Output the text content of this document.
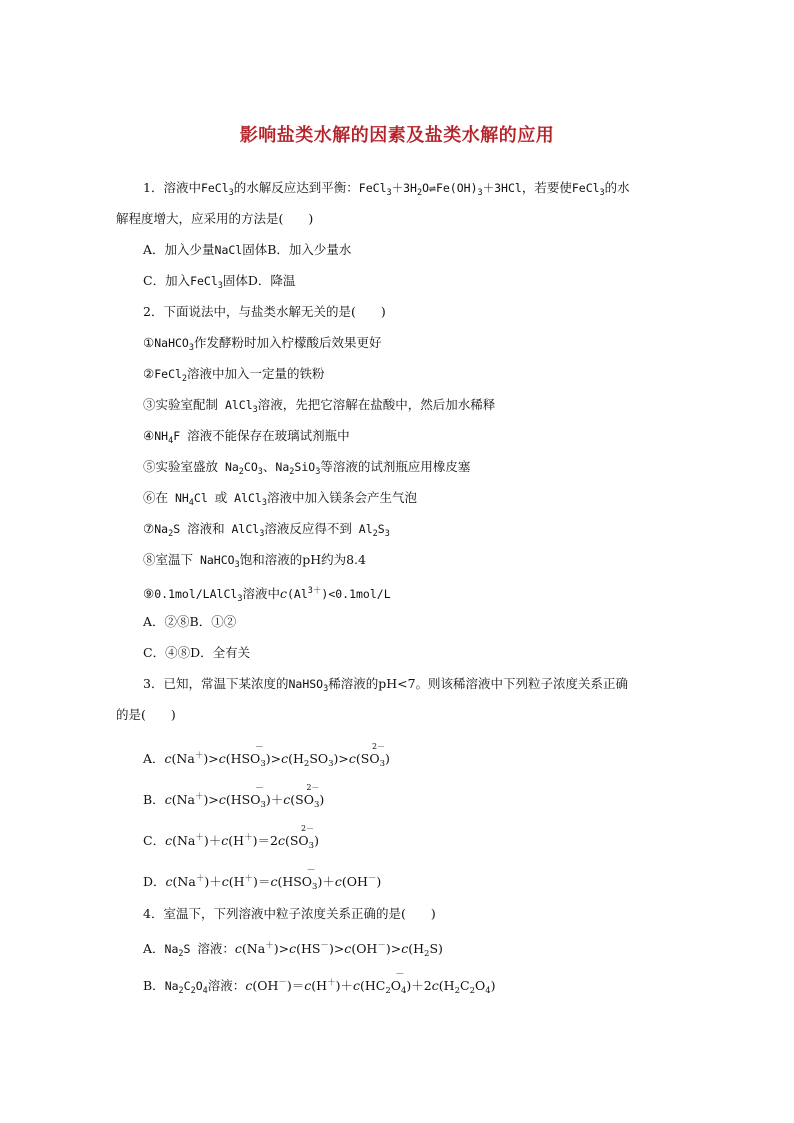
影响盐类水解的因素及盐类水解的应用
1．溶液中FeCl$_3$的水解反应达到平衡：$FeCl_3+3H_2O\rightleftharpoons Fe(OH)_3+3HCl$，若要使FeCl$_3$的水
解程度增大，应采用的方法是(　　)
A．加入少量NaCl固体B．加入少量水
C．加入FeCl$_3$固体D．降温
2．下面说法中，与盐类水解无关的是(　　)
①NaHCO$_3$作发酵粉时加入柠檬酸后效果更好
②FeCl$_2$溶液中加入一定量的铁粉
③实验室配制 AlCl$_3$溶液，先把它溶解在盐酸中，然后加水稀释
$④NH_4F$ 溶液不能保存在玻璃试剂瓶中
⑤实验室盛放 $Na_2CO_3$、$Na_2SiO_3$等溶液的试剂瓶应用橡皮塞
⑥在 $NH_4Cl$ 或 AlCl$_3$溶液中加入镁条会产生气泡
$⑦Na_2S$ 溶液和 AlCl$_3$溶液反应得不到 $Al_2S_3$
⑧室温下 NaHCO$_3$饱和溶液的pH约为8.4
⑨0.1mol/LAlCl$_3$溶液中$c(Al^{3+})<0.1mol/L$
A．②⑧B．①②
C．④⑧D．全有关
3．已知，常温下某浓度的NaHSO$_3$稀溶液的pH<7。则该稀溶液中下列粒子浓度关系正确
的是(　　)
A．$c(Na^+)>c(HSO_3$
－
)$>c(H_2SO_3)>c(SO_3$
2－
)
B．$c(Na^+)>c(HSO_3$
－
)$+c(SO_3$
2－
)
C．$c(Na^+)+c(H^+)=2c(SO_3$
2－
)
D．$c(Na^+)+c(H^+)=c(HSO_3$
－
)＋c(OH－)
4．室温下，下列溶液中粒子浓度关系正确的是(　　)
A．$Na_2S$ 溶液：$c(Na^+)>c(HS^-)>c(OH^-)>c(H_2S)$
B．$Na_2C_2O_4$溶液：$c(OH^-)=c(H^+)+c(HC_2O_4$
－
)$+2c(H_2C_2O_4)$
